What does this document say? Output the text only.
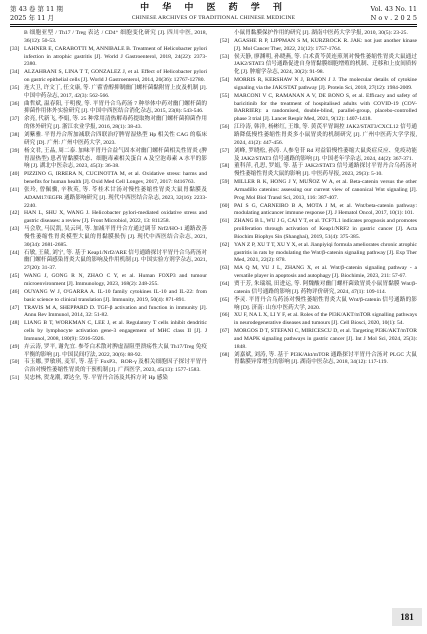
第 43 卷 第 11 期
2025 年 11 月
中 华 中 医 药 学 刊
CHINESE ARCHIVES OF TRADITIONAL CHINESE MEDICINE
Vol. 43 No. 11
N o v . 2 0 2 5
B 细胞亚型 / Th17 / Treg 表达 / CD4⁺ 细胞变化研究 [J]. 四川中医, 2018, 36(12): 50-53.
[33] LAHNER E, CARABOTTI M, ANNIBALE B. Treatment of Helicobacter pylori infection in atrophic gastritis [J]. World J Gastroenterol, 2018, 24(22): 2373-2380.
[34] ALZAHRANI S, LINA T T, GONZALEZ J, et al. Effect of Helicobacter pylori on gastric epithelial cells [J]. World J Gastroenterol, 2014, 20(36): 12767-12780.
[35] 连大卫, 许文丁, 任文康, 等. 广藿香醇抑制幽门螺杆菌黏附胃上皮及机制 [J]. 中国中药杂志, 2017, 42(3): 562-566.
[36] 曲哲斌, 温春阳, 于明俊, 等. 平胃丹合乌药汤 7 种举体中药对幽门螺杆菌的抑菌作用体外实验研究 [J]. 中国中西医结合消化杂志, 2015, 23(8): 543-546.
[37] 余亮, 代新飞, 李娟, 等. 25 种常用清热解毒药提取物对幽门螺杆菌抑菌作用的体外研究 [J]. 浙江农业学报, 2016, 28(1): 38-43.
[38] 刘紫雅. 平胃丹合所加减联合四联治疗脾胃湿热型 Hp 相关性 CAG 的临床研究 [D]. 广州: 广州中医药大学, 2023.
[39] 杨文君, 王晶, 周二泰. 加味平胃丹合益气固本对幽门螺杆菌相关性胃炎 (脾胃湿热型) 患者胃黏膜状态、细胞毒素相关蛋白 A 及空泡毒素 A 水平的影响 [J]. 湖北中医杂志, 2023, 45(3): 36-38.
[40] PIZZINO G, IRRERA N, CUCINOTTA M, et al. Oxidative stress: harms and benefits for human health [J]. Oxid Med Cell Longev, 2017, 2017: 8416763.
[41] 张玲, 曾佩骥, 辛秋英, 等. 苓桂术甘汤对慢性萎缩性胃炎大鼠胃黏膜及 ADAM17/EGFR 通路影响研究 [J]. 现代中西医结合杂志, 2023, 32(16): 2233-2240.
[42] HAN L, SHU X, WANG J. Helicobacter pylori-mediated oxidative stress and gastric diseases: a review [J]. Front Microbiol, 2022, 13: 811258.
[43] 马会欣, 马民凯, 吴云珂, 等. 加减平胃丹合方通过调节 Nrf2/HO-1 通路改善慢性萎缩性胃炎模型大鼠的胃黏膜损伤 [J]. 现代中西医结合杂志, 2021, 30(34): 2681-2685.
[44] 石敏, 王葳, 刘宁, 等. 基于 Keap1/Nrf2/ARE 信号通路探讨平胃丹合乌药汤对幽门螺杆菌感染胃炎大鼠的影响及作用机制 [J]. 中国实验方剂学杂志, 2021, 27(20): 31-37.
[45] WANG J, GONG R N, ZHAO C Y, et al. Human FOXP3 and tumour microenvironment [J]. Immunology, 2023, 168(2): 248-255.
[46] OUYANG W J, O'GARRA A. IL-10 family cytokines IL-10 and IL-22: from basic science to clinical translation [J]. Immunity, 2019, 50(4): 871-891.
[47] TRAVIS M A, SHEPPARD D. TGF-β activation and function in immunity [J]. Annu Rev Immunol, 2014, 32: 51-82.
[48] LIANG B T, WORKMAN C, LEE J, et al. Regulatory T cells inhibit dendritic cells by lymphocyte activation gene-3 engagement of MHC class II [J]. J Immunol, 2008, 180(9): 5916-5926.
[49] 卉云涛, 罗平, 谢先宜. 参苓白术散对脾虚湿阻型溃疡性大鼠 Th17/Treg 免疫平衡的影响 [J]. 中国民间疗法, 2022, 30(6): 88-92.
[50] 韦玉娜, 罗敏琪, 麦军, 等. 基于 FoxP3、ROR-γ 及相关细胞因子探讨平胃丹合治对慢性萎缩性胃炎的干预机制 [J]. 广西医学, 2023, 45(13): 1577-1583.
[51] 吴忠林, 贺龙潮, 谭达全, 等. 平胃丹合汤及其拆方对 Hp 感染
小鼠胃黏膜保护作用的研究 [J]. 湖南中医药大学学报, 2010, 30(5): 23-25.
[52] AGASHE R P, LIPPMAN S M, KURZROCK R. JAK: not just another kinase [J]. Mol Cancer Ther, 2022, 21(12): 1757-1764.
[53] 侯天静, 廖渊明, 孙晓燕, 等. 白术黄芩黄连煎剂对慢性萎缩性胃炎大鼠通过 JAK2/STAT3 信号通路促进自身胃黏膜细胞增殖的机制、迁移和上皮间质转化 [J]. 肿瘤学杂志, 2024, 30(2): 91-98.
[54] MORRIS R, KERSHAW N J, BABON J J. The molecular details of cytokine signaling via the JAK/STAT pathway [J]. Protein Sci, 2018, 27(12): 1984-2009.
[55] MARCONI V C, RAMANAN A V, DE BONO S, et al. Efficacy and safety of baricitinib for the treatment of hospitalised adults with COVID-19 (COV-BARRIER): a randomised, double-blind, parallel-group, placebo-controlled phase 3 trial [J]. Lancet Respir Med, 2021, 9(12): 1407-1418.
[56] 江玲涛, 韩洋, 杨彬红, 王维, 等. 黄芪平胃调控 JAK2/STAT3/CXCL12 信号通路降低慢性萎缩性胃炎多小鼠胃炎的机制研究 [J]. 广州中医药大学学报, 2024, 41(2): 447-456.
[57] 刘峰, 罗晓松, 孙涛. 人参皂苷 Rd 对益铅慢性萎缩大鼠炎症反应、免疫功能及 JAK2/STAT3 信号通路的影响 [J]. 中国老年学杂志, 2024, 44(2): 367-371.
[58] 董科萍, 孔思, 罗娟, 等. 基于 JAK2/STAT3 信号通路探讨平胃丹合乌药汤对慢性萎缩性胃炎大鼠的影响 [J]. 中医药导报, 2023, 29(3): 5-10.
[59] MILLER R K, HONG J Y, MUÑOZ W A, et al. Beta-catenin versus the other Armadillo catenins: assessing our current view of canonical Wnt signaling [J]. Prog Mol Biol Transl Sci, 2013, 116: 387-407.
[60] PAI S G, CARNEIRO B A, MOTA J M, et al. Wnt/beta-catenin pathway: modulating anticancer immune response [J]. J Hematol Oncol, 2017, 10(1): 101.
[61] ZHANG B L, WU J G, CAI Y T, et al. TCF7L1 indicates prognosis and promotes proliferation through activation of Keap1/NRF2 in gastric cancer [J]. Acta Biochim Biophys Sin (Shanghai), 2019, 51(4): 375-385.
[62] YAN Z P, XU T T, XU Y X, et al. Jianpiyiqi formula ameliorates chronic atrophic gastritis in rats by modulating the Wnt/β-catenin signaling pathway [J]. Exp Ther Med, 2021, 22(2): 878.
[63] MA Q M, YU J L, ZHANG X, et al. Wnt/β-catenin signaling pathway - a versatile player in apoptosis and autophagy [J]. Biochimie, 2023, 211: 57-67.
[64] 贾于芳, 朱瑞端, 田进运, 等. 阿魏酸对幽门螺杆菌致胃炎小鼠胃黏膜 Wnt/β-catenin 信号通路的影响 [J]. 药物评价研究, 2024, 47(1): 109-114.
[65] 李灵. 平胃丹合乌药汤对慢性萎缩性胃炎大鼠 Wnt/β-catenin 信号通路的影响 [D]. 济南: 山东中医药大学, 2020.
[66] XU F, NA L X, LI Y F, et al. Roles of the PI3K/AKT/mTOR signalling pathways in neurodegenerative diseases and tumours [J]. Cell Biosci, 2020, 10(1): 54.
[67] MORGOS D T, STEFANI C, MIRICESCU D, et al. Targeting PI3K/AKT/mTOR and MAPK signaling pathways in gastric cancer [J]. Int J Mol Sci, 2024, 25(3): 1848.
[68] 刘嘉斌, 刘涛, 等. 基于 PI3K/Akt/mTOR 通路探讨平胃丹合汤对 PLGC 大鼠胃黏膜异常增生的影响 [J]. 湖南中医杂志, 2018, 34(12): 117-119.
181
